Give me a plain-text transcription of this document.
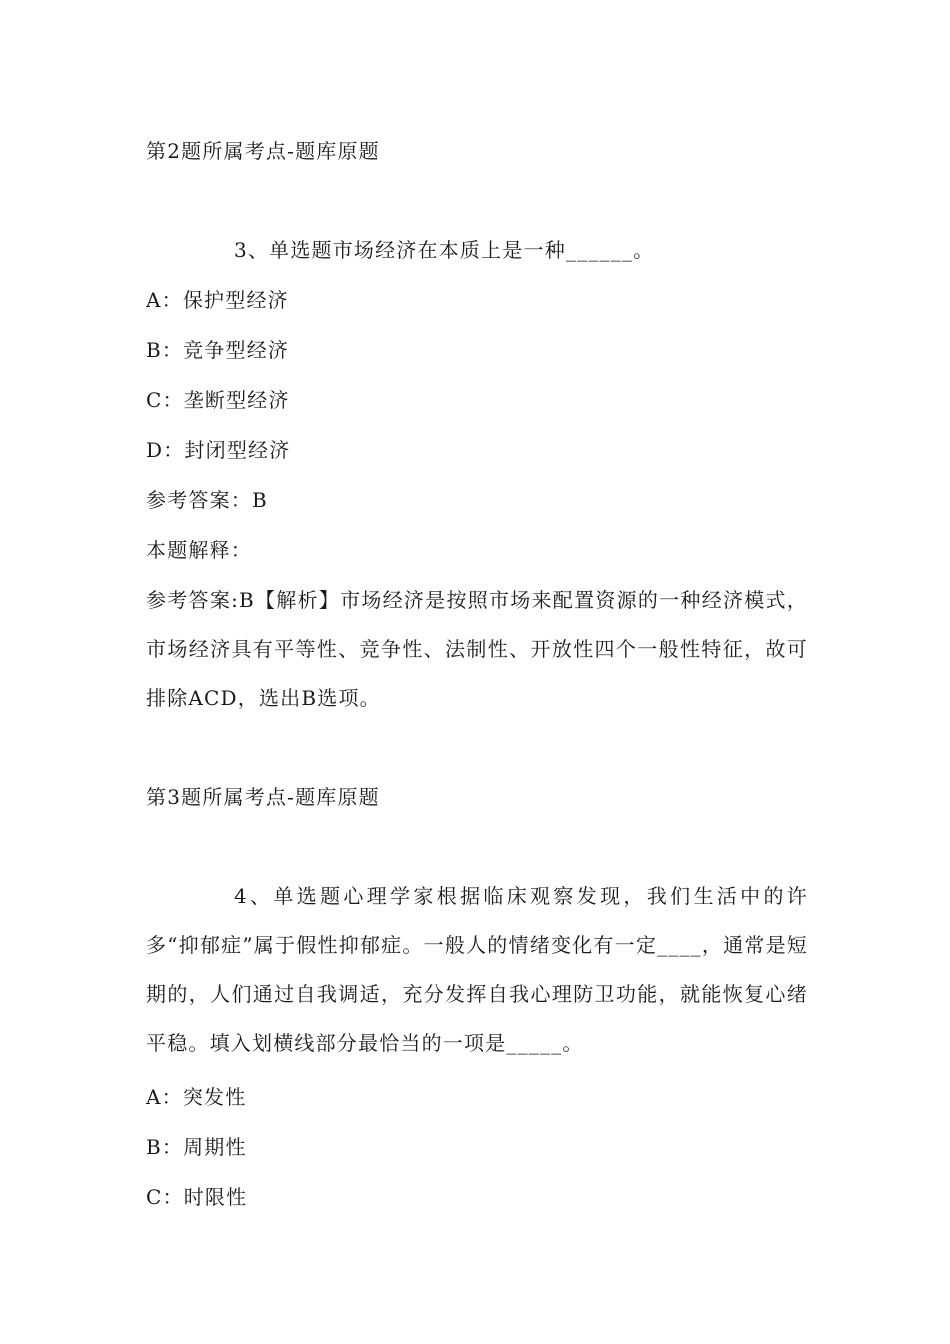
第2题所属考点-题库原题
3、单选题市场经济在本质上是一种______。
A：保护型经济
B：竞争型经济
C：垄断型经济
D：封闭型经济
参考答案：B
本题解释：
参考答案:B【解析】市场经济是按照市场来配置资源的一种经济模式，市场经济具有平等性、竞争性、法制性、开放性四个一般性特征，故可排除ACD，选出B选项。
第3题所属考点-题库原题
4、单选题心理学家根据临床观察发现，我们生活中的许多“抑郁症”属于假性抑郁症。一般人的情绪变化有一定____，通常是短期的，人们通过自我调适，充分发挥自我心理防卫功能，就能恢复心绪平稳。填入划横线部分最恰当的一项是_____。
A：突发性
B：周期性
C：时限性
